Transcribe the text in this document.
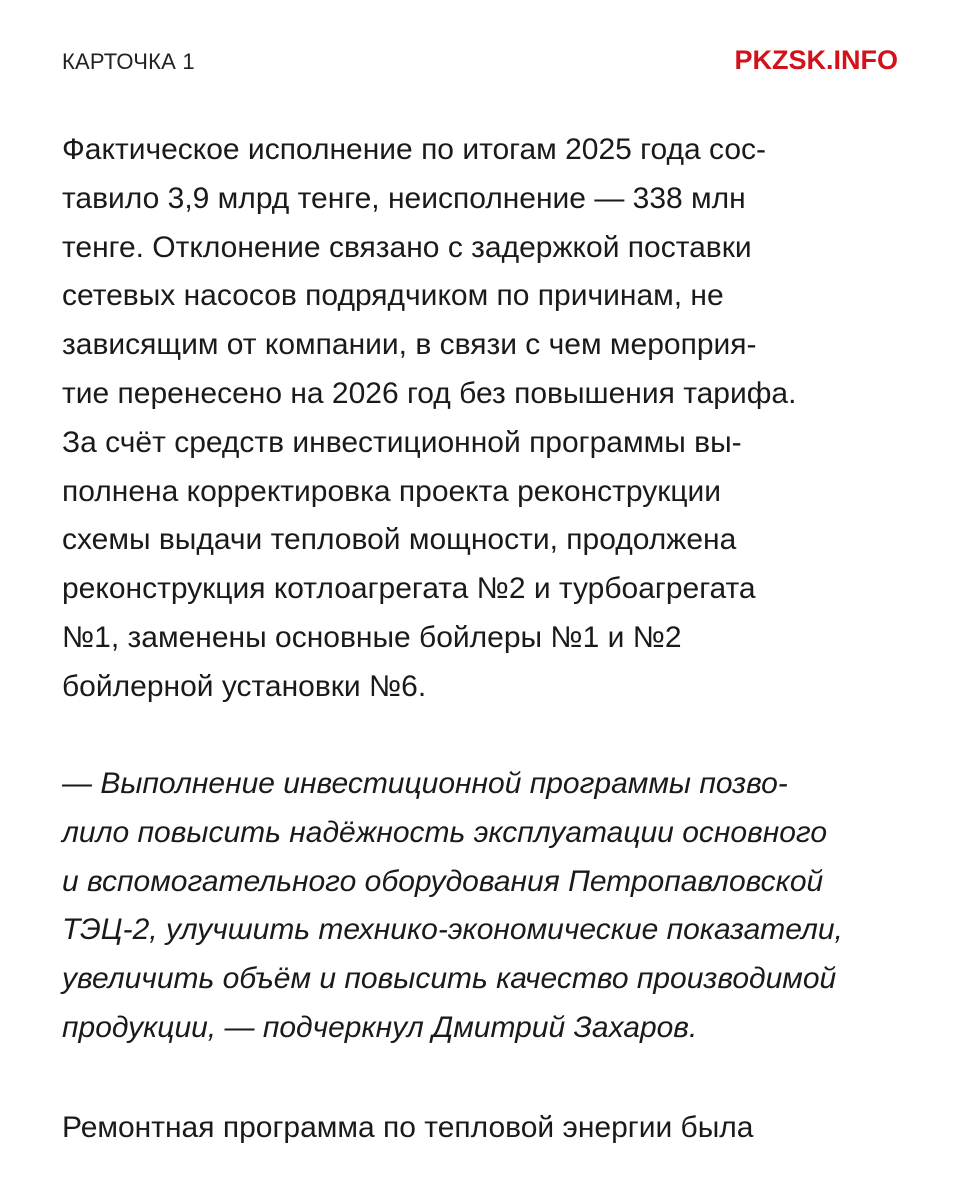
КАРТОЧКА 1	PKZSK.INFO
Фактическое исполнение по итогам 2025 года сос-
тавило 3,9 млрд тенге, неисполнение — 338 млн
тенге. Отклонение связано с задержкой поставки
сетевых насосов подрядчиком по причинам, не
зависящим от компании, в связи с чем мероприя-
тие перенесено на 2026 год без повышения тарифа.
За счёт средств инвестиционной программы вы-
полнена корректировка проекта реконструкции
схемы выдачи тепловой мощности, продолжена
реконструкция котлоагрегата №2 и турбоагрегата
№1, заменены основные бойлеры №1 и №2
бойлерной установки №6.
— Выполнение инвестиционной программы позво-
лило повысить надёжность эксплуатации основного
и вспомогательного оборудования Петропавловской
ТЭЦ-2, улучшить технико-экономические показатели,
увеличить объём и повысить качество производимой
продукции, — подчеркнул Дмитрий Захаров.
Ремонтная программа по тепловой энергии была
